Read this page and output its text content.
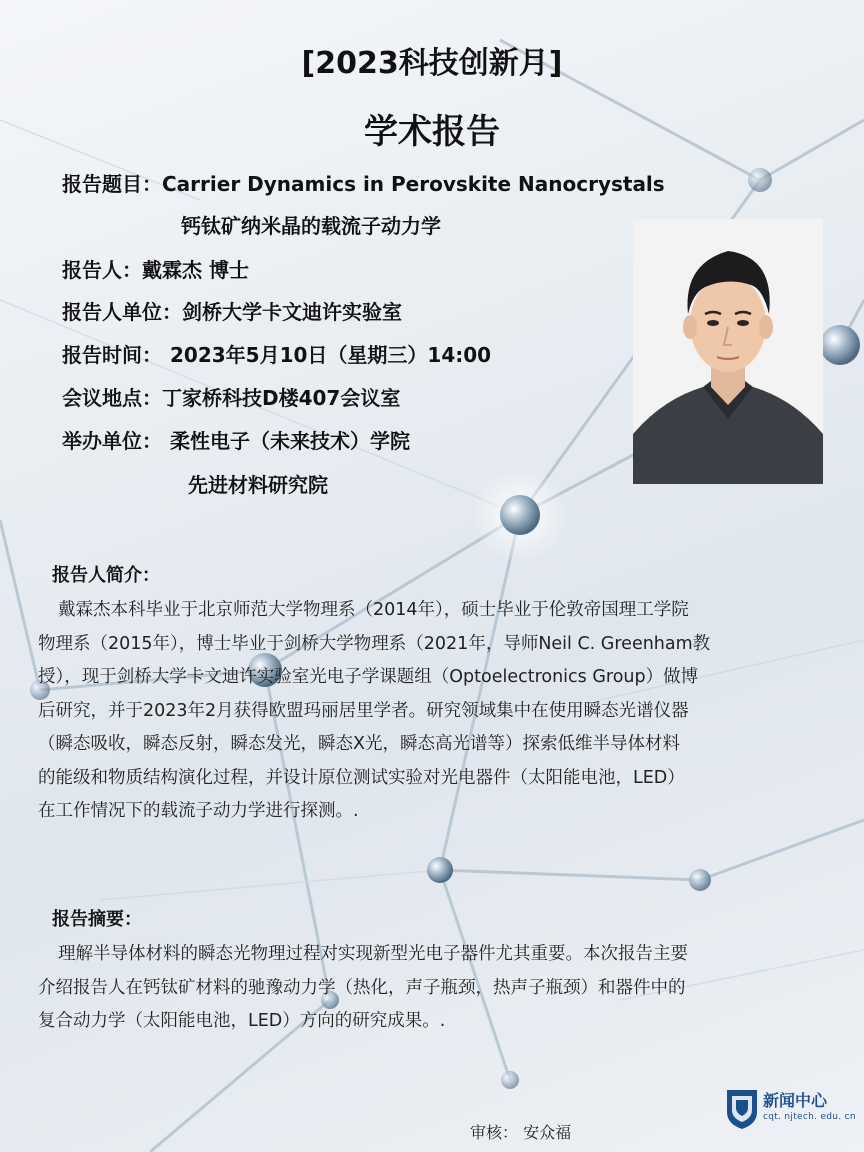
[2023科技创新月]
学术报告
报告题目：Carrier Dynamics in Perovskite Nanocrystals
钙钛矿纳米晶的载流子动力学
报告人：戴霖杰 博士
报告人单位：剑桥大学卡文迪许实验室
报告时间： 2023年5月10日（星期三）14:00
会议地点：丁家桥科技D楼407会议室
举办单位： 柔性电子（未来技术）学院
先进材料研究院
报告人简介：
戴霖杰本科毕业于北京师范大学物理系（2014年），硕士毕业于伦敦帝国理工学院
物理系（2015年），博士毕业于剑桥大学物理系（2021年，导师Neil C. Greenham教
授），现于剑桥大学卡文迪许实验室光电子学课题组（Optoelectronics Group）做博
后研究，并于2023年2月获得欧盟玛丽居里学者。研究领域集中在使用瞬态光谱仪器
（瞬态吸收，瞬态反射，瞬态发光，瞬态X光，瞬态高光谱等）探索低维半导体材料
的能级和物质结构演化过程，并设计原位测试实验对光电器件（太阳能电池，LED）
在工作情况下的载流子动力学进行探测。.
报告摘要：
理解半导体材料的瞬态光物理过程对实现新型光电子器件尤其重要。本次报告主要
介绍报告人在钙钛矿材料的驰豫动力学（热化，声子瓶颈，热声子瓶颈）和器件中的
复合动力学（太阳能电池，LED）方向的研究成果。.
审核： 安众福
新闻中心
cqt. njtech. edu. cn
